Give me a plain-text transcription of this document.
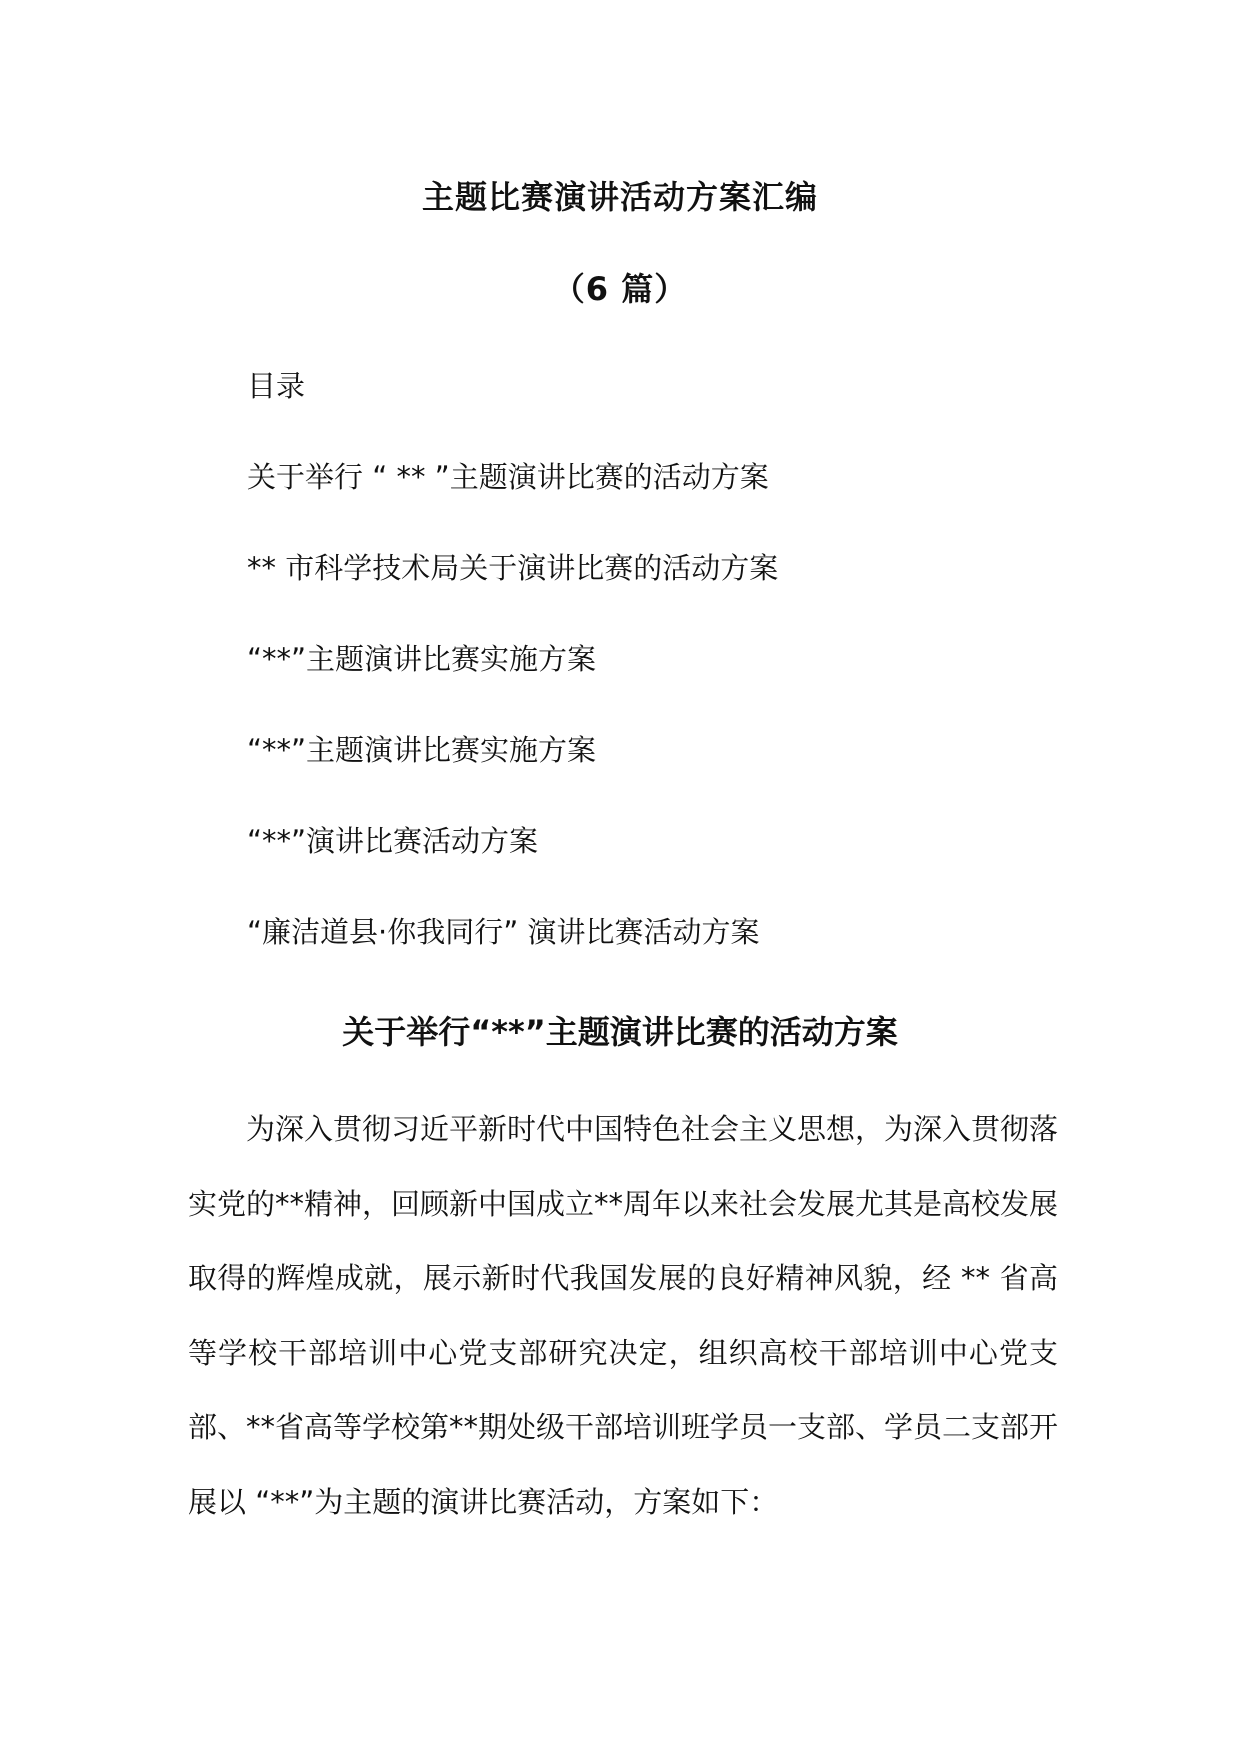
主题比赛演讲活动方案汇编
（6 篇）
目录
关于举行 “ ** ”主题演讲比赛的活动方案
** 市科学技术局关于演讲比赛的活动方案
“**”主题演讲比赛实施方案
“**”主题演讲比赛实施方案
“**”演讲比赛活动方案
“廉洁道县·你我同行” 演讲比赛活动方案
关于举行“**”主题演讲比赛的活动方案
为深入贯彻习近平新时代中国特色社会主义思想，为深入贯彻落实党的**精神，回顾新中国成立**周年以来社会发展尤其是高校发展取得的辉煌成就，展示新时代我国发展的良好精神风貌，经 ** 省高等学校干部培训中心党支部研究决定，组织高校干部培训中心党支部、**省高等学校第**期处级干部培训班学员一支部、学员二支部开展以 “**”为主题的演讲比赛活动，方案如下：
